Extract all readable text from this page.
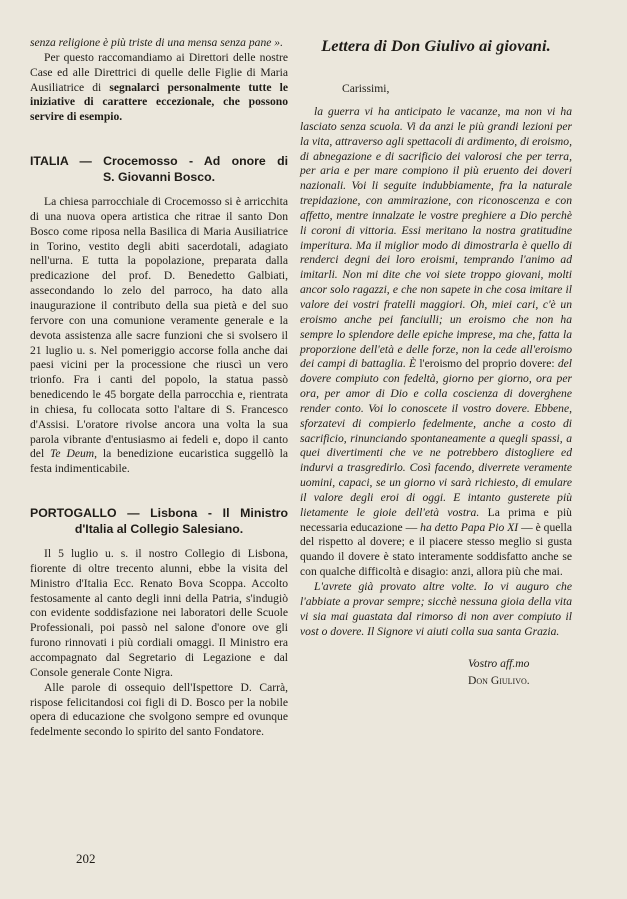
senza religione è più triste di una mensa senza pane ».

Per questo raccomandiamo ai Direttori delle nostre Case ed alle Direttrici di quelle delle Figlie di Maria Ausiliatrice di segnalarci personalmente tutte le iniziative di carattere eccezionale, che possono servire di esempio.

ITALIA — Crocemosso - Ad onore di
S. Giovanni Bosco.

La chiesa parrocchiale di Crocemosso si è arricchita di una nuova opera artistica che ritrae il santo Don Bosco come riposa nella Basilica di Maria Ausiliatrice in Torino, vestito degli abiti sacerdotali, adagiato nell'urna. E tutta la popolazione, preparata dalla predicazione del prof. D. Benedetto Galbiati, assecondando lo zelo del parroco, ha dato alla inaugurazione il contributo della sua pietà e del suo fervore con una comunione veramente generale e la devota assistenza alle sacre funzioni che si svolsero il 21 luglio u. s. Nel pomeriggio accorse folla anche dai paesi vicini per la processione che riuscì un vero trionfo. Fra i canti del popolo, la statua passò benedicendo le 45 borgate della parrocchia e, rientrata in chiesa, fu collocata sotto l'altare di S. Francesco d'Assisi. L'oratore rivolse ancora una volta la sua parola vibrante d'entusiasmo ai fedeli e, dopo il canto del Te Deum, la benedizione eucaristica suggellò la festa indimenticabile.

PORTOGALLO — Lisbona - Il Ministro
d'Italia al Collegio Salesiano.

Il 5 luglio u. s. il nostro Collegio di Lisbona, fiorente di oltre trecento alunni, ebbe la visita del Ministro d'Italia Ecc. Renato Bova Scoppa. Accolto festosamente al canto degli inni della Patria, s'indugiò con evidente soddisfazione nei laboratori delle Scuole Professionali, poi passò nel salone d'onore ove gli furono rinnovati i più cordiali omaggi. Il Ministro era accompagnato dal Segretario di Legazione e dal Console generale Conte Nigra.

Alle parole di ossequio dell'Ispettore D. Carrà, rispose felicitandosi coi figli di D. Bosco per la nobile opera di educazione che svolgono sempre ed ovunque fedelmente secondo lo spirito del santo Fondatore.

Lettera di Don Giulivo ai giovani.

Carissimi,

la guerra vi ha anticipato le vacanze, ma non vi ha lasciato senza scuola. Vi da anzi le più grandi lezioni per la vita, attraverso agli spettacoli di ardimento, di eroismo, di abnegazione e di sacrificio dei valorosi che per terra, per aria e per mare compiono il più eruento dei doveri nazionali. Voi li seguite indubbiamente, fra la naturale trepidazione, con ammirazione, con riconoscenza e con affetto, mentre innalzate le vostre preghiere a Dio perchè li coroni di vittoria. Essi meritano la nostra gratitudine imperitura. Ma il miglior modo di dimostrarla è quello di renderci degni dei loro eroismi, temprando l'animo ad imitarli. Non mi dite che voi siete troppo giovani, molti ancor solo ragazzi, e che non sapete in che cosa imitare il valore dei vostri fratelli maggiori. Oh, miei cari, c'è un eroismo anche pei fanciulli; un eroismo che non ha sempre lo splendore delle epiche imprese, ma che, fatta la proporzione dell'età e delle forze, non la cede all'eroismo dei campi di battaglia. È l'eroismo del proprio dovere: del dovere compiuto con fedeltà, giorno per giorno, ora per ora, per amor di Dio e colla coscienza di doverghene render conto. Voi lo conoscete il vostro dovere. Ebbene, sforzatevi di compierlo fedelmente, anche a costo di sacrificio, rinunciando spontaneamente a quegli spassi, a quei divertimenti che ve ne potrebbero distogliere ed indurvi a trasgredirlo. Così facendo, diverrete veramente uomini, capaci, se un giorno vi sarà richiesto, di emulare il valore degli eroi di oggi. E intanto gusterete più lietamente le gioie dell'età vostra. La prima e più necessaria educazione — ha detto Papa Pio XI — è quella del rispetto al dovere; e il piacere stesso meglio si gusta quando il dovere è stato interamente soddisfatto anche se con qualche difficoltà e disagio: anzi, allora più che mai.

L'avrete già provato altre volte. Io vi auguro che l'abbiate a provar sempre; sicchè nessuna gioia della vita vi sia mai guastata dal rimorso di non aver compiuto il vost o dovere. Il Signore vi aiuti colla sua santa Grazia.

Vostro aff.mo

Don Giulivo.

202
